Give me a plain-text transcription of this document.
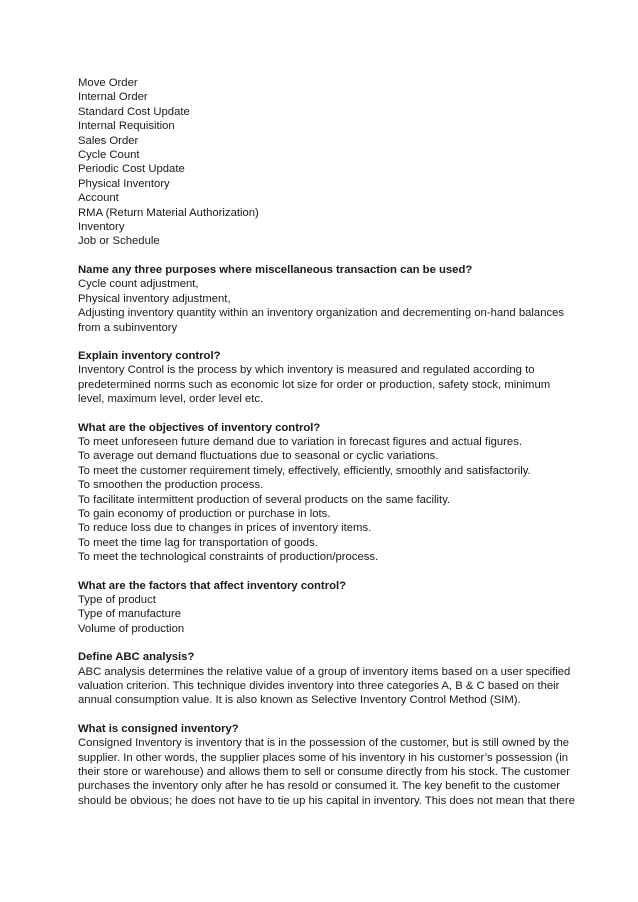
Move Order
Internal Order
Standard Cost Update
Internal Requisition
Sales Order
Cycle Count
Periodic Cost Update
Physical Inventory
Account
RMA (Return Material Authorization)
Inventory
Job or Schedule
Name any three purposes where miscellaneous transaction can be used?
Cycle count adjustment,
Physical inventory adjustment,
Adjusting inventory quantity within an inventory organization and decrementing on-hand balances
from a subinventory
Explain inventory control?
Inventory Control is the process by which inventory is measured and regulated according to
predetermined norms such as economic lot size for order or production, safety stock, minimum
level, maximum level, order level etc.
What are the objectives of inventory control?
To meet unforeseen future demand due to variation in forecast figures and actual figures.
To average out demand fluctuations due to seasonal or cyclic variations.
To meet the customer requirement timely, effectively, efficiently, smoothly and satisfactorily.
To smoothen the production process.
To facilitate intermittent production of several products on the same facility.
To gain economy of production or purchase in lots.
To reduce loss due to changes in prices of inventory items.
To meet the time lag for transportation of goods.
To meet the technological constraints of production/process.
What are the factors that affect inventory control?
Type of product
Type of manufacture
Volume of production
Define ABC analysis?
ABC analysis determines the relative value of a group of inventory items based on a user specified
valuation criterion. This technique divides inventory into three categories A, B & C based on their
annual consumption value. It is also known as Selective Inventory Control Method (SIM).
What is consigned inventory?
Consigned Inventory is inventory that is in the possession of the customer, but is still owned by the
supplier. In other words, the supplier places some of his inventory in his customer’s possession (in
their store or warehouse) and allows them to sell or consume directly from his stock. The customer
purchases the inventory only after he has resold or consumed it. The key benefit to the customer
should be obvious; he does not have to tie up his capital in inventory. This does not mean that there
